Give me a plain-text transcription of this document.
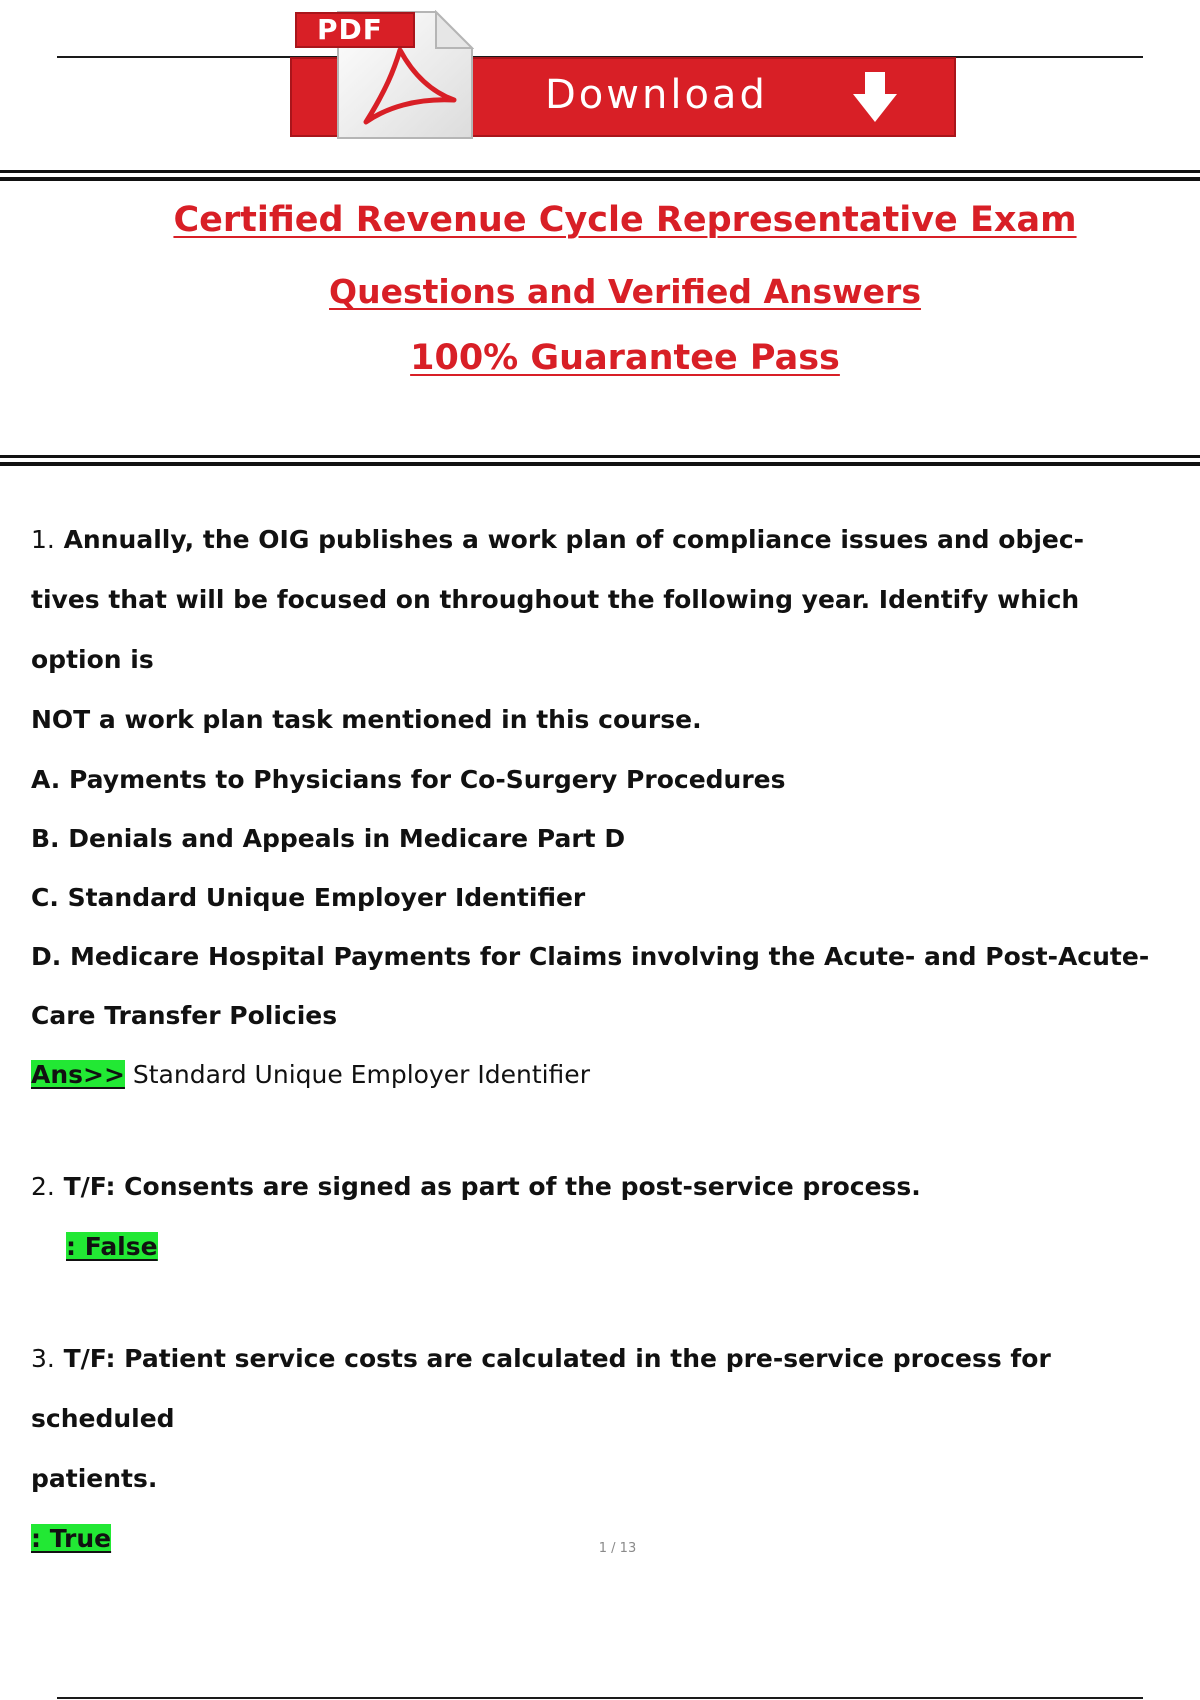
Download
PDF
Certified Revenue Cycle Representative Exam
Questions and Verified Answers
100% Guarantee Pass

1. Annually, the OIG publishes a work plan of compliance issues and objec-

tives that will be focused on throughout the following year. Identify which option is

NOT a work plan task mentioned in this course.

A. Payments to Physicians for Co-Surgery Procedures

B. Denials and Appeals in Medicare Part D

C. Standard Unique Employer Identifier

D. Medicare Hospital Payments for Claims involving the Acute- and Post-Acute-

Care Transfer Policies

Ans>> Standard Unique Employer Identifier

2. T/F: Consents are signed as part of the post-service process.

: False

3. T/F: Patient service costs are calculated in the pre-service process for scheduled

patients.

: True	1 / 13
